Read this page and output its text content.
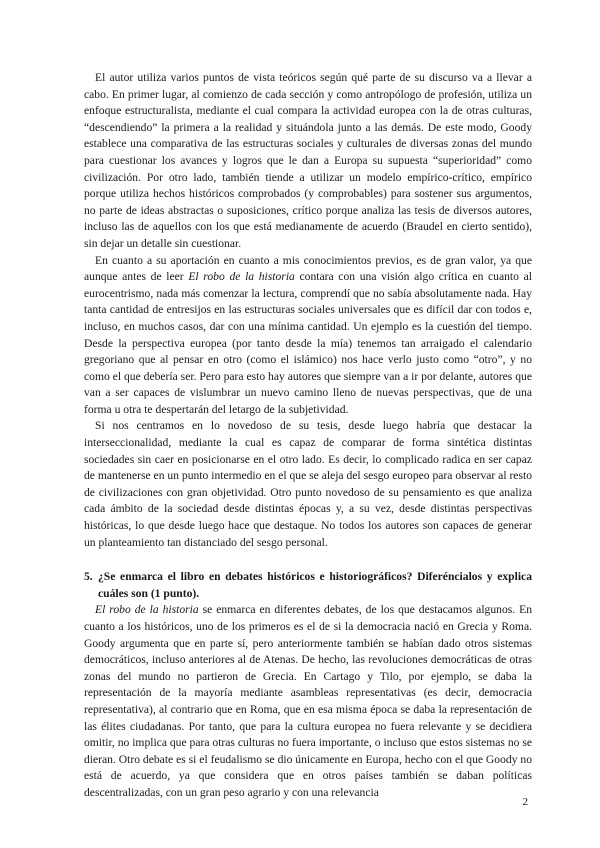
El autor utiliza varios puntos de vista teóricos según qué parte de su discurso va a llevar a cabo. En primer lugar, al comienzo de cada sección y como antropólogo de profesión, utiliza un enfoque estructuralista, mediante el cual compara la actividad europea con la de otras culturas, “descendiendo” la primera a la realidad y situándola junto a las demás. De este modo, Goody establece una comparativa de las estructuras sociales y culturales de diversas zonas del mundo para cuestionar los avances y logros que le dan a Europa su supuesta “superioridad” como civilización. Por otro lado, también tiende a utilizar un modelo empírico-crítico, empírico porque utiliza hechos históricos comprobados (y comprobables) para sostener sus argumentos, no parte de ideas abstractas o suposiciones, crítico porque analiza las tesis de diversos autores, incluso las de aquellos con los que está medianamente de acuerdo (Braudel en cierto sentido), sin dejar un detalle sin cuestionar.

En cuanto a su aportación en cuanto a mis conocimientos previos, es de gran valor, ya que aunque antes de leer El robo de la historia contara con una visión algo crítica en cuanto al eurocentrismo, nada más comenzar la lectura, comprendí que no sabía absolutamente nada. Hay tanta cantidad de entresijos en las estructuras sociales universales que es difícil dar con todos e, incluso, en muchos casos, dar con una mínima cantidad. Un ejemplo es la cuestión del tiempo. Desde la perspectiva europea (por tanto desde la mía) tenemos tan arraigado el calendario gregoriano que al pensar en otro (como el islámico) nos hace verlo justo como “otro”, y no como el que debería ser. Pero para esto hay autores que siempre van a ir por delante, autores que van a ser capaces de vislumbrar un nuevo camino lleno de nuevas perspectivas, que de una forma u otra te despertarán del letargo de la subjetividad.

Si nos centramos en lo novedoso de su tesis, desde luego habría que destacar la interseccionalidad, mediante la cual es capaz de comparar de forma sintética distintas sociedades sin caer en posicionarse en el otro lado. Es decir, lo complicado radica en ser capaz de mantenerse en un punto intermedio en el que se aleja del sesgo europeo para observar al resto de civilizaciones con gran objetividad. Otro punto novedoso de su pensamiento es que analiza cada ámbito de la sociedad desde distintas épocas y, a su vez, desde distintas perspectivas históricas, lo que desde luego hace que destaque. No todos los autores son capaces de generar un planteamiento tan distanciado del sesgo personal.

5. ¿Se enmarca el libro en debates históricos e historiográficos? Diferéncialos y explica cuáles son (1 punto).

El robo de la historia se enmarca en diferentes debates, de los que destacamos algunos. En cuanto a los históricos, uno de los primeros es el de si la democracia nació en Grecia y Roma. Goody argumenta que en parte sí, pero anteriormente también se habían dado otros sistemas democráticos, incluso anteriores al de Atenas. De hecho, las revoluciones democráticas de otras zonas del mundo no partieron de Grecia. En Cartago y Tilo, por ejemplo, se daba la representación de la mayoría mediante asambleas representativas (es decir, democracia representativa), al contrario que en Roma, que en esa misma época se daba la representación de las élites ciudadanas. Por tanto, que para la cultura europea no fuera relevante y se decidiera omitir, no implica que para otras culturas no fuera importante, o incluso que estos sistemas no se dieran. Otro debate es si el feudalismo se dio únicamente en Europa, hecho con el que Goody no está de acuerdo, ya que considera que en otros países también se daban políticas descentralizadas, con un gran peso agrario y con una relevancia

2
